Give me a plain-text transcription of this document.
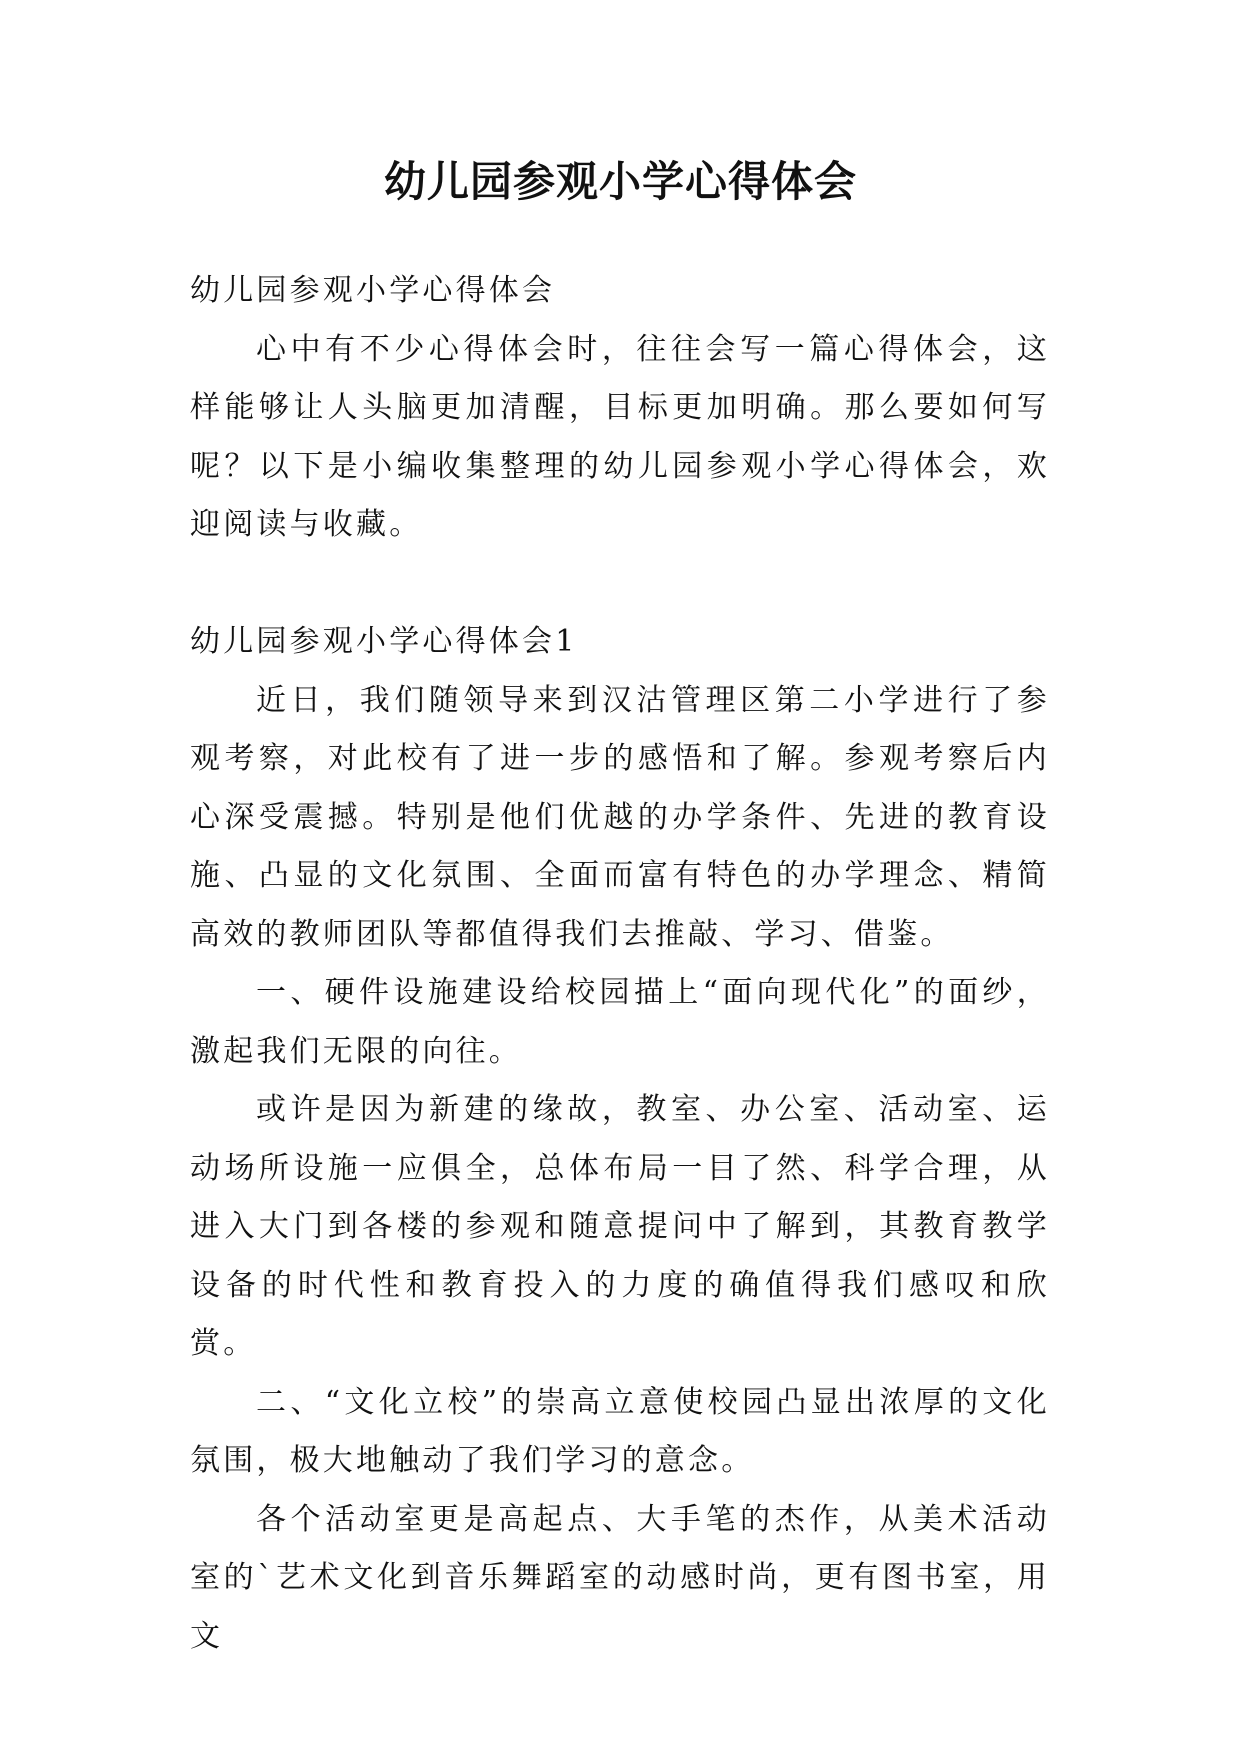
幼儿园参观小学心得体会

幼儿园参观小学心得体会

心中有不少心得体会时，往往会写一篇心得体会，这样能够让人头脑更加清醒，目标更加明确。那么要如何写呢？以下是小编收集整理的幼儿园参观小学心得体会，欢迎阅读与收藏。

幼儿园参观小学心得体会1

近日，我们随领导来到汉沽管理区第二小学进行了参观考察，对此校有了进一步的感悟和了解。参观考察后内心深受震撼。特别是他们优越的办学条件、先进的教育设施、凸显的文化氛围、全面而富有特色的办学理念、精简高效的教师团队等都值得我们去推敲、学习、借鉴。

一、硬件设施建设给校园描上“面向现代化”的面纱，激起我们无限的向往。

或许是因为新建的缘故，教室、办公室、活动室、运动场所设施一应俱全，总体布局一目了然、科学合理，从进入大门到各楼的参观和随意提问中了解到，其教育教学设备的时代性和教育投入的力度的确值得我们感叹和欣赏。

二、“文化立校”的崇高立意使校园凸显出浓厚的文化氛围，极大地触动了我们学习的意念。

各个活动室更是高起点、大手笔的杰作，从美术活动室的`艺术文化到音乐舞蹈室的动感时尚，更有图书室，用文
